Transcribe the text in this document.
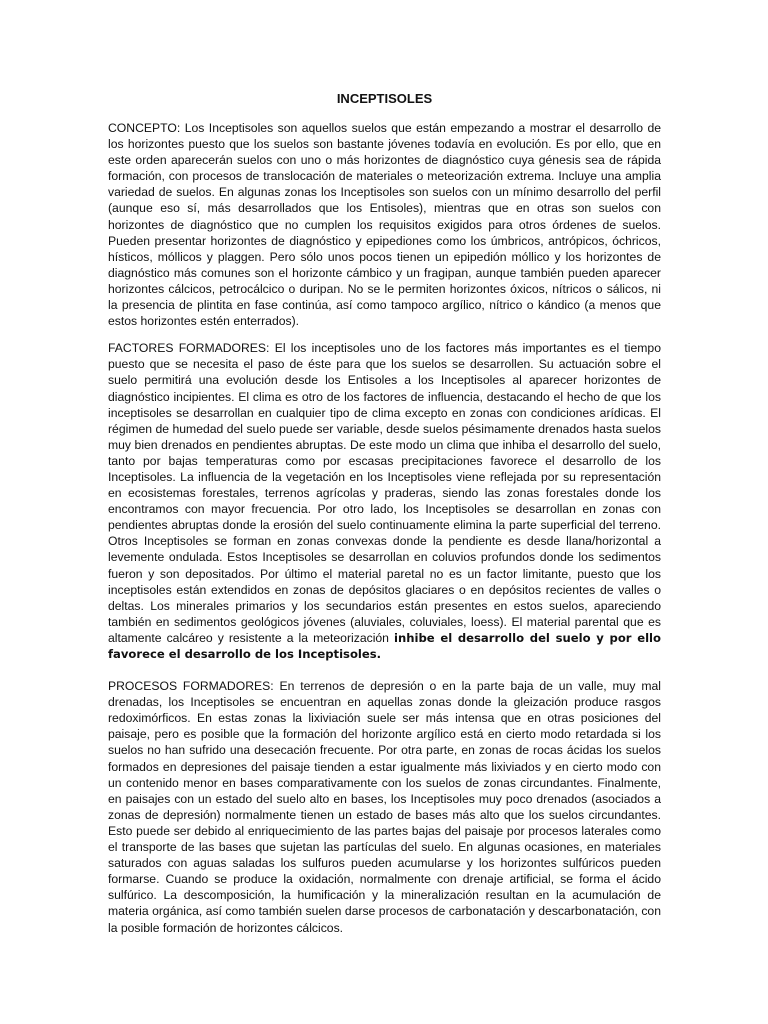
INCEPTISOLES

CONCEPTO: Los Inceptisoles son aquellos suelos que están empezando a mostrar el desarrollo de los horizontes puesto que los suelos son bastante jóvenes todavía en evolución. Es por ello, que en este orden aparecerán suelos con uno o más horizontes de diagnóstico cuya génesis sea de rápida formación, con procesos de translocación de materiales o meteorización extrema. Incluye una amplia variedad de suelos. En algunas zonas los Inceptisoles son suelos con un mínimo desarrollo del perfil (aunque eso sí, más desarrollados que los Entisoles), mientras que en otras son suelos con horizontes de diagnóstico que no cumplen los requisitos exigidos para otros órdenes de suelos. Pueden presentar horizontes de diagnóstico y epipediones como los úmbricos, antrópicos, óchricos, hísticos, móllicos y plaggen. Pero sólo unos pocos tienen un epipedión móllico y los horizontes de diagnóstico más comunes son el horizonte cámbico y un fragipan, aunque también pueden aparecer horizontes cálcicos, petrocálcico o duripan. No se le permiten horizontes óxicos, nítricos o sálicos, ni la presencia de plintita en fase continúa, así como tampoco argílico, nítrico o kándico (a menos que estos horizontes estén enterrados).

FACTORES FORMADORES: El los inceptisoles uno de los factores más importantes es el tiempo puesto que se necesita el paso de éste para que los suelos se desarrollen. Su actuación sobre el suelo permitirá una evolución desde los Entisoles a los Inceptisoles al aparecer horizontes de diagnóstico incipientes. El clima es otro de los factores de influencia, destacando el hecho de que los inceptisoles se desarrollan en cualquier tipo de clima excepto en zonas con condiciones arídicas. El régimen de humedad del suelo puede ser variable, desde suelos pésimamente drenados hasta suelos muy bien drenados en pendientes abruptas. De este modo un clima que inhiba el desarrollo del suelo, tanto por bajas temperaturas como por escasas precipitaciones favorece el desarrollo de los Inceptisoles. La influencia de la vegetación en los Inceptisoles viene reflejada por su representación en ecosistemas forestales, terrenos agrícolas y praderas, siendo las zonas forestales donde los encontramos con mayor frecuencia. Por otro lado, los Inceptisoles se desarrollan en zonas con pendientes abruptas donde la erosión del suelo continuamente elimina la parte superficial del terreno. Otros Inceptisoles se forman en zonas convexas donde la pendiente es desde llana/horizontal a levemente ondulada. Estos Inceptisoles se desarrollan en coluvios profundos donde los sedimentos fueron y son depositados. Por último el material paretal no es un factor limitante, puesto que los inceptisoles están extendidos en zonas de depósitos glaciares o en depósitos recientes de valles o deltas. Los minerales primarios y los secundarios están presentes en estos suelos, apareciendo también en sedimentos geológicos jóvenes (aluviales, coluviales, loess). El material parental que es altamente calcáreo y resistente a la meteorización inhibe el desarrollo del suelo y por ello favorece el desarrollo de los Inceptisoles.

PROCESOS FORMADORES: En terrenos de depresión o en la parte baja de un valle, muy mal drenadas, los Inceptisoles se encuentran en aquellas zonas donde la gleización produce rasgos redoximórficos. En estas zonas la lixiviación suele ser más intensa que en otras posiciones del paisaje, pero es posible que la formación del horizonte argílico está en cierto modo retardada si los suelos no han sufrido una desecación frecuente. Por otra parte, en zonas de rocas ácidas los suelos formados en depresiones del paisaje tienden a estar igualmente más lixiviados y en cierto modo con un contenido menor en bases comparativamente con los suelos de zonas circundantes. Finalmente, en paisajes con un estado del suelo alto en bases, los Inceptisoles muy poco drenados (asociados a zonas de depresión) normalmente tienen un estado de bases más alto que los suelos circundantes. Esto puede ser debido al enriquecimiento de las partes bajas del paisaje por procesos laterales como el transporte de las bases que sujetan las partículas del suelo. En algunas ocasiones, en materiales saturados con aguas saladas los sulfuros pueden acumularse y los horizontes sulfúricos pueden formarse. Cuando se produce la oxidación, normalmente con drenaje artificial, se forma el ácido sulfúrico. La descomposición, la humificación y la mineralización resultan en la acumulación de materia orgánica, así como también suelen darse procesos de carbonatación y descarbonatación, con la posible formación de horizontes cálcicos.
